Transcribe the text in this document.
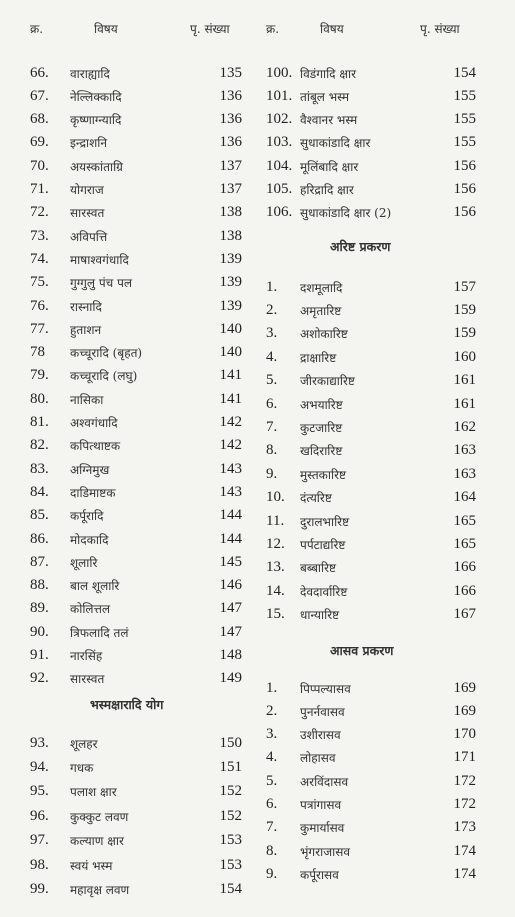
क्र.	विषय	पृ. संख्या	क्र.	विषय	पृ. संख्या
66.	वाराह्यादि	135
67.	नेल्लिक्कादि	136
68.	कृष्णाग्न्यादि	136
69.	इन्द्राशनि	136
70.	अयस्कांताग्रि	137
71.	योगराज	137
72.	सारस्वत	138
73.	अविपत्ति	138
74.	माषाश्वगंधादि	139
75.	गुग्गुलु पंच पल	139
76.	रास्नादि	139
77.	हुताशन	140
78	कच्चूरादि (बृहत)	140
79.	कच्चूरादि (लघु)	141
80.	नासिका	141
81.	अश्वगंधादि	142
82.	कपित्थाष्टक	142
83.	अग्निमुख	143
84.	दाडिमाष्टक	143
85.	कर्पूरादि	144
86.	मोदकादि	144
87.	शूलारि	145
88.	बाल शूलारि	146
89.	कोलित्तल	147
90.	त्रिफलादि तलं	147
91.	नारसिंह	148
92.	सारस्वत	149
भस्मक्षारादि योग
93.	शूलहर	150
94.	गधक	151
95.	पलाश क्षार	152
96.	कुक्कुट लवण	152
97.	कल्याण क्षार	153
98.	स्वयं भस्म	153
99.	महावृक्ष लवण	154
100. विडंगादि क्षार	154
101. तांबूल भस्म	155
102. वैश्वानर भस्म	155
103. सुधाकांडादि क्षार	155
104. मूलिंबादि क्षार	156
105. हरिद्रादि क्षार	156
106. सुधाकांडादि क्षार (2)	156
अरिष्ट प्रकरण
1.	दशमूलादि	157
2.	अमृतारिष्ट	159
3.	अशोकारिष्ट	159
4.	द्राक्षारिष्ट	160
5.	जीरकाद्यारिष्ट	161
6.	अभयारिष्ट	161
7.	कुटजारिष्ट	162
8.	खदिरारिष्ट	163
9.	मुस्तकारिष्ट	163
10.	दंत्यरिष्ट	164
11.	दुरालभारिष्ट	165
12.	पर्पटाद्यरिष्ट	165
13.	बब्बारिष्ट	166
14.	देवदार्वारिष्ट	166
15.	धान्यारिष्ट	167
आसव प्रकरण
1.	पिप्पल्यासव	169
2.	पुनर्नवासव	169
3.	उशीरासव	170
4.	लोहासव	171
5.	अरविंदासव	172
6.	पत्रांगासव	172
7.	कुमार्यासव	173
8.	भृंगराजासव	174
9.	कर्पूरासव	174
